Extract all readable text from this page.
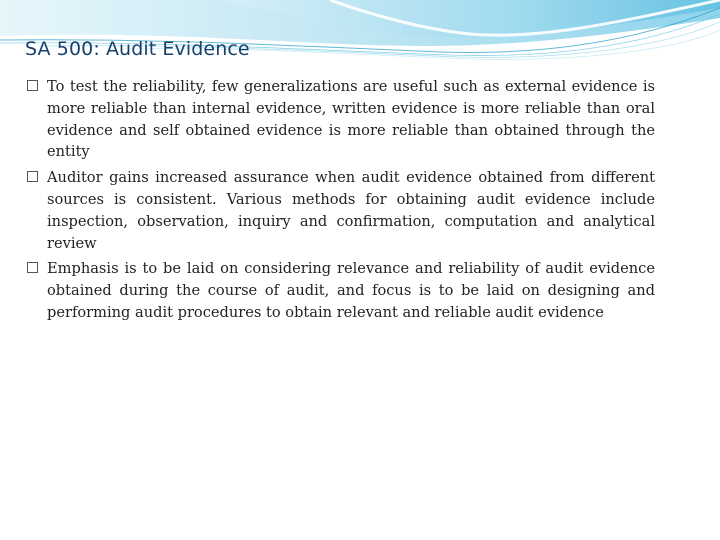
SA 500: Audit Evidence
To test the reliability, few generalizations are useful such as external evidence is more reliable than internal evidence, written evidence is more reliable than oral evidence and self obtained evidence is more reliable than obtained through the entity
Auditor gains increased assurance when audit evidence obtained from different sources is consistent. Various methods for obtaining audit evidence include inspection, observation, inquiry and confirmation, computation and analytical review
Emphasis is to be laid on considering relevance and reliability of audit evidence obtained during the course of audit, and focus is to be laid on designing and performing audit procedures to obtain relevant and reliable audit evidence
